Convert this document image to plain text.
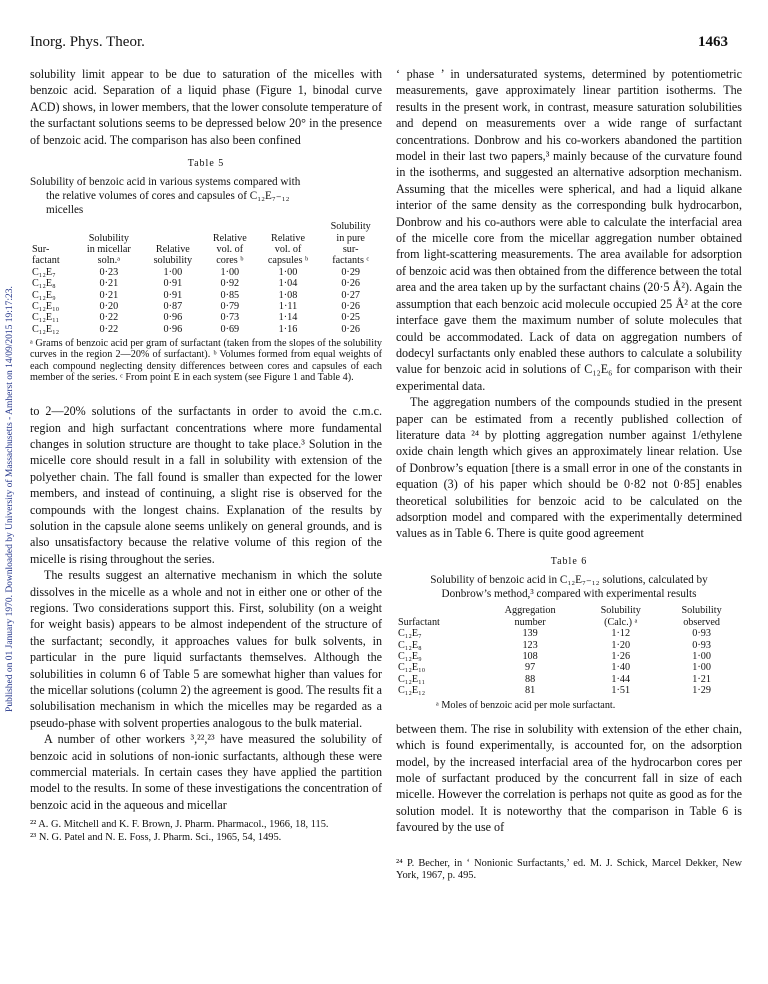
Inorg. Phys. Theor.	1463
Published on 01 January 1970. Downloaded by University of Massachusetts - Amherst on 14/09/2015 19:17:23.

solubility limit appear to be due to saturation of the micelles with benzoic acid. Separation of a liquid phase (Figure 1, binodal curve ACD) shows, in lower members, that the lower consolute temperature of the surfactant solutions seems to be depressed below 20° in the presence of benzoic acid. The comparison has also been confined

Table 5
Solubility of benzoic acid in various systems compared with
the relative volumes of cores and capsules of C₁₂E₇₋₁₂
micelles
Sur-
factant	Solubility
in micellar
soln.ᵃ	Relative
solubility	Relative
vol. of
cores ᵇ	Relative
vol. of
capsules ᵇ	Solubility
in pure
sur-
factants ᶜ
C₁₂E₇	0·23	1·00	1·00	1·00	0·29
C₁₂E₈	0·21	0·91	0·92	1·04	0·26
C₁₂E₉	0·21	0·91	0·85	1·08	0·27
C₁₂E₁₀	0·20	0·87	0·79	1·11	0·26
C₁₂E₁₁	0·22	0·96	0·73	1·14	0·25
C₁₂E₁₂	0·22	0·96	0·69	1·16	0·26
ᵃ Grams of benzoic acid per gram of surfactant (taken from the slopes of the solubility curves in the region 2—20% of surfactant). ᵇ Volumes formed from equal weights of each compound neglecting density differences between cores and capsules of each member of the series. ᶜ From point E in each system (see Figure 1 and Table 4).

to 2—20% solutions of the surfactants in order to avoid the c.m.c. region and high surfactant concentrations where more fundamental changes in solution structure are thought to take place.³ Solution in the micelle core should result in a fall in solubility with extension of the polyether chain. The fall found is smaller than expected for the lower members, and instead of continuing, a slight rise is observed for the compounds with the longest chains. Explanation of the results by solution in the capsule alone seems unlikely on general grounds, and is also unsatisfactory because the relative volume of this region of the micelle is rising throughout the series.

The results suggest an alternative mechanism in which the solute dissolves in the micelle as a whole and not in either one or other of the regions. Two considerations support this. First, solubility (on a weight for weight basis) appears to be almost independent of the structure of the surfactant; secondly, it approaches values for bulk solvents, in particular in the pure liquid surfactants themselves. Although the solubilities in column 6 of Table 5 are somewhat higher than values for the micellar solutions (column 2) the agreement is good. The results fit a solubilisation mechanism in which the micelles may be regarded as a pseudo-phase with solvent properties analogous to the bulk material.

A number of other workers ³,²²,²³ have measured the solubility of benzoic acid in solutions of non-ionic surfactants, although these were commercial materials. In certain cases they have applied the partition model to the results. In some of these investigations the concentration of benzoic acid in the aqueous and micellar

²² A. G. Mitchell and K. F. Brown, J. Pharm. Pharmacol., 1966, 18, 115.
²³ N. G. Patel and N. E. Foss, J. Pharm. Sci., 1965, 54, 1495.

‘ phase ’ in undersaturated systems, determined by potentiometric measurements, gave approximately linear partition isotherms. The results in the present work, in contrast, measure saturation solubilities and depend on measurements over a wide range of surfactant concentrations. Donbrow and his co-workers abandoned the partition model in their last two papers,³ mainly because of the curvature found in the isotherms, and suggested an alternative adsorption mechanism. Assuming that the micelles were spherical, and had a liquid alkane interior of the same density as the corresponding bulk hydrocarbon, Donbrow and his co-authors were able to calculate the interfacial area of the micelle core from the micellar aggregation number obtained from light-scattering measurements. The area available for adsorption of benzoic acid was then obtained from the difference between the total area and the area taken up by the surfactant chains (20·5 Å²). Again the assumption that each benzoic acid molecule occupied 25 Å² at the core interface gave them the maximum number of solute molecules that could be accommodated. Lack of data on aggregation numbers of dodecyl surfactants only enabled these authors to calculate a solubility value for benzoic acid in solutions of C₁₂E₆ for comparison with their experimental data.

The aggregation numbers of the compounds studied in the present paper can be estimated from a recently published collection of literature data ²⁴ by plotting aggregation number against 1/ethylene oxide chain length which gives an approximately linear relation. Use of Donbrow’s equation [there is a small error in one of the constants in equation (3) of his paper which should be 0·82 not 0·85] enables theoretical solubilities for benzoic acid to be calculated on the adsorption model and compared with the experimentally determined values as in Table 6. There is quite good agreement

Table 6
Solubility of benzoic acid in C₁₂E₇₋₁₂ solutions, calculated by
Donbrow’s method,³ compared with experimental results
Surfactant	Aggregation
number	Solubility
(Calc.) ᵃ	Solubility
observed
C₁₂E₇	139	1·12	0·93
C₁₂E₈	123	1·20	0·93
C₁₂E₉	108	1·26	1·00
C₁₂E₁₀	97	1·40	1·00
C₁₂E₁₁	88	1·44	1·21
C₁₂E₁₂	81	1·51	1·29
ᵃ Moles of benzoic acid per mole surfactant.

between them. The rise in solubility with extension of the ether chain, which is found experimentally, is accounted for, on the adsorption model, by the increased interfacial area of the hydrocarbon cores per mole of surfactant produced by the concurrent fall in size of each micelle. However the correlation is perhaps not quite as good as for the solution model. It is noteworthy that the comparison in Table 6 is favoured by the use of

²⁴ P. Becher, in ‘ Nonionic Surfactants,’ ed. M. J. Schick, Marcel Dekker, New York, 1967, p. 495.
